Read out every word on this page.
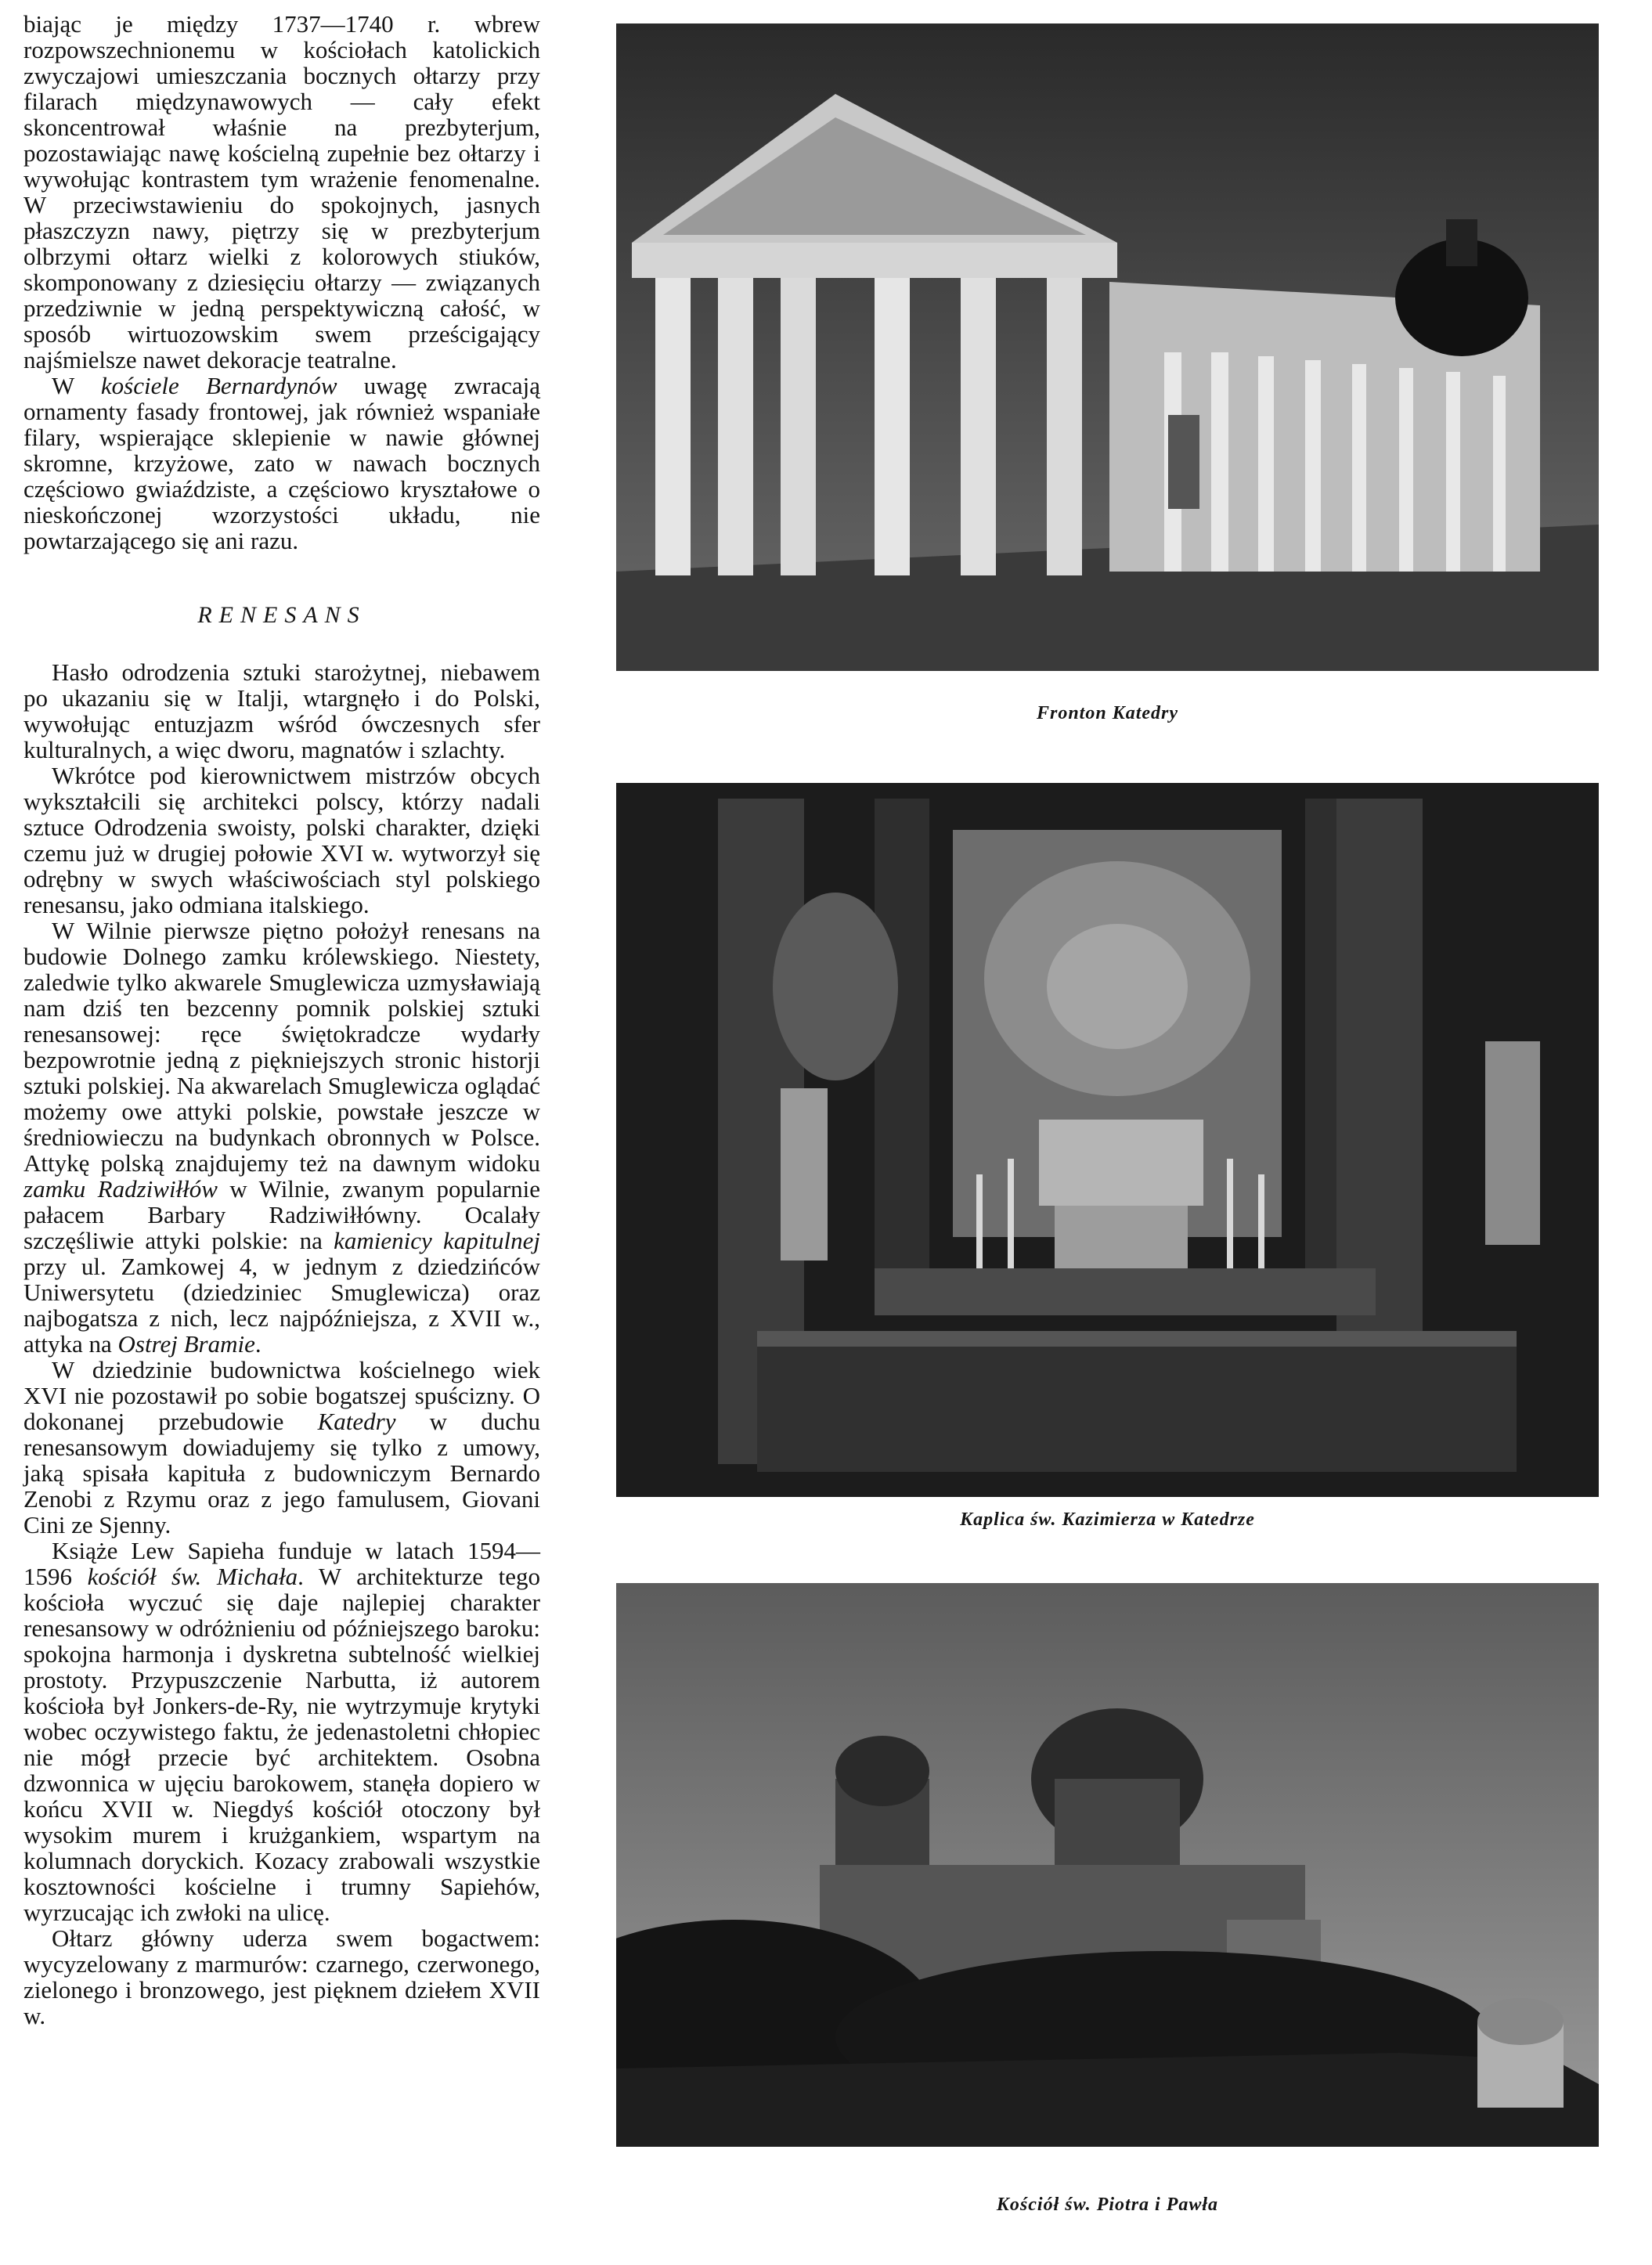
biając je między 1737—1740 r. wbrew rozpowszechnionemu w kościołach katolickich zwyczajowi umieszczania bocznych ołtarzy przy filarach międzynawowych — cały efekt skoncentrował właśnie na prezbyterjum, pozostawiając nawę kościelną zupełnie bez ołtarzy i wywołując kontrastem tym wrażenie fenomenalne. W przeciwstawieniu do spokojnych, jasnych płaszczyzn nawy, piętrzy się w prezbyterjum olbrzymi ołtarz wielki z kolorowych stiuków, skomponowany z dziesięciu ołtarzy — związanych przedziwnie w jedną perspektywiczną całość, w sposób wirtuozowskim swem prześcigający najśmielsze nawet dekoracje teatralne.

W kościele Bernardynów uwagę zwracają ornamenty fasady frontowej, jak również wspaniałe filary, wspierające sklepienie w nawie głównej skromne, krzyżowe, zato w nawach bocznych częściowo gwiaździste, a częściowo kryształowe o nieskończonej wzorzystości układu, nie powtarzającego się ani razu.

RENESANS

Hasło odrodzenia sztuki starożytnej, niebawem po ukazaniu się w Italji, wtargnęło i do Polski, wywołując entuzjazm wśród ówczesnych sfer kulturalnych, a więc dworu, magnatów i szlachty.

Wkrótce pod kierownictwem mistrzów obcych wykształcili się architekci polscy, którzy nadali sztuce Odrodzenia swoisty, polski charakter, dzięki czemu już w drugiej połowie XVI w. wytworzył się odrębny w swych właściwościach styl polskiego renesansu, jako odmiana italskiego.

W Wilnie pierwsze piętno położył renesans na budowie Dolnego zamku królewskiego. Niestety, zaledwie tylko akwarele Smuglewicza uzmysławiają nam dziś ten bezcenny pomnik polskiej sztuki renesansowej: ręce świętokradcze wydarły bezpowrotnie jedną z piękniejszych stronic historji sztuki polskiej. Na akwarelach Smuglewicza oglądać możemy owe attyki polskie, powstałe jeszcze w średniowieczu na budynkach obronnych w Polsce. Attykę polską znajdujemy też na dawnym widoku zamku Radziwiłłów w Wilnie, zwanym popularnie pałacem Barbary Radziwiłłówny. Ocalały szczęśliwie attyki polskie: na kamienicy kapitulnej przy ul. Zamkowej 4, w jednym z dziedzińców Uniwersytetu (dziedziniec Smuglewicza) oraz najbogatsza z nich, lecz najpóźniejsza, z XVII w., attyka na Ostrej Bramie.

W dziedzinie budownictwa kościelnego wiek XVI nie pozostawił po sobie bogatszej spuścizny. O dokonanej przebudowie Katedry w duchu renesansowym dowiadujemy się tylko z umowy, jaką spisała kapituła z budowniczym Bernardo Zenobi z Rzymu oraz z jego famulusem, Giovani Cini ze Sjenny.

Książe Lew Sapieha funduje w latach 1594—1596 kościół św. Michała. W architekturze tego kościoła wyczuć się daje najlepiej charakter renesansowy w odróżnieniu od późniejszego baroku: spokojna harmonja i dyskretna subtelność wielkiej prostoty. Przypuszczenie Narbutta, iż autorem kościoła był Jonkers-de-Ry, nie wytrzymuje krytyki wobec oczywistego faktu, że jedenastoletni chłopiec nie mógł przecie być architektem. Osobna dzwonnica w ujęciu barokowem, stanęła dopiero w końcu XVII w. Niegdyś kościół otoczony był wysokim murem i krużgankiem, wspartym na kolumnach doryckich. Kozacy zrabowali wszystkie kosztowności kościelne i trumny Sapiehów, wyrzucając ich zwłoki na ulicę.

Ołtarz główny uderza swem bogactwem: wycyzelowany z marmurów: czarnego, czerwonego, zielonego i bronzowego, jest pięknem dziełem XVII w.

Fronton Katedry
Kaplica św. Kazimierza w Katedrze
Kościół św. Piotra i Pawła
